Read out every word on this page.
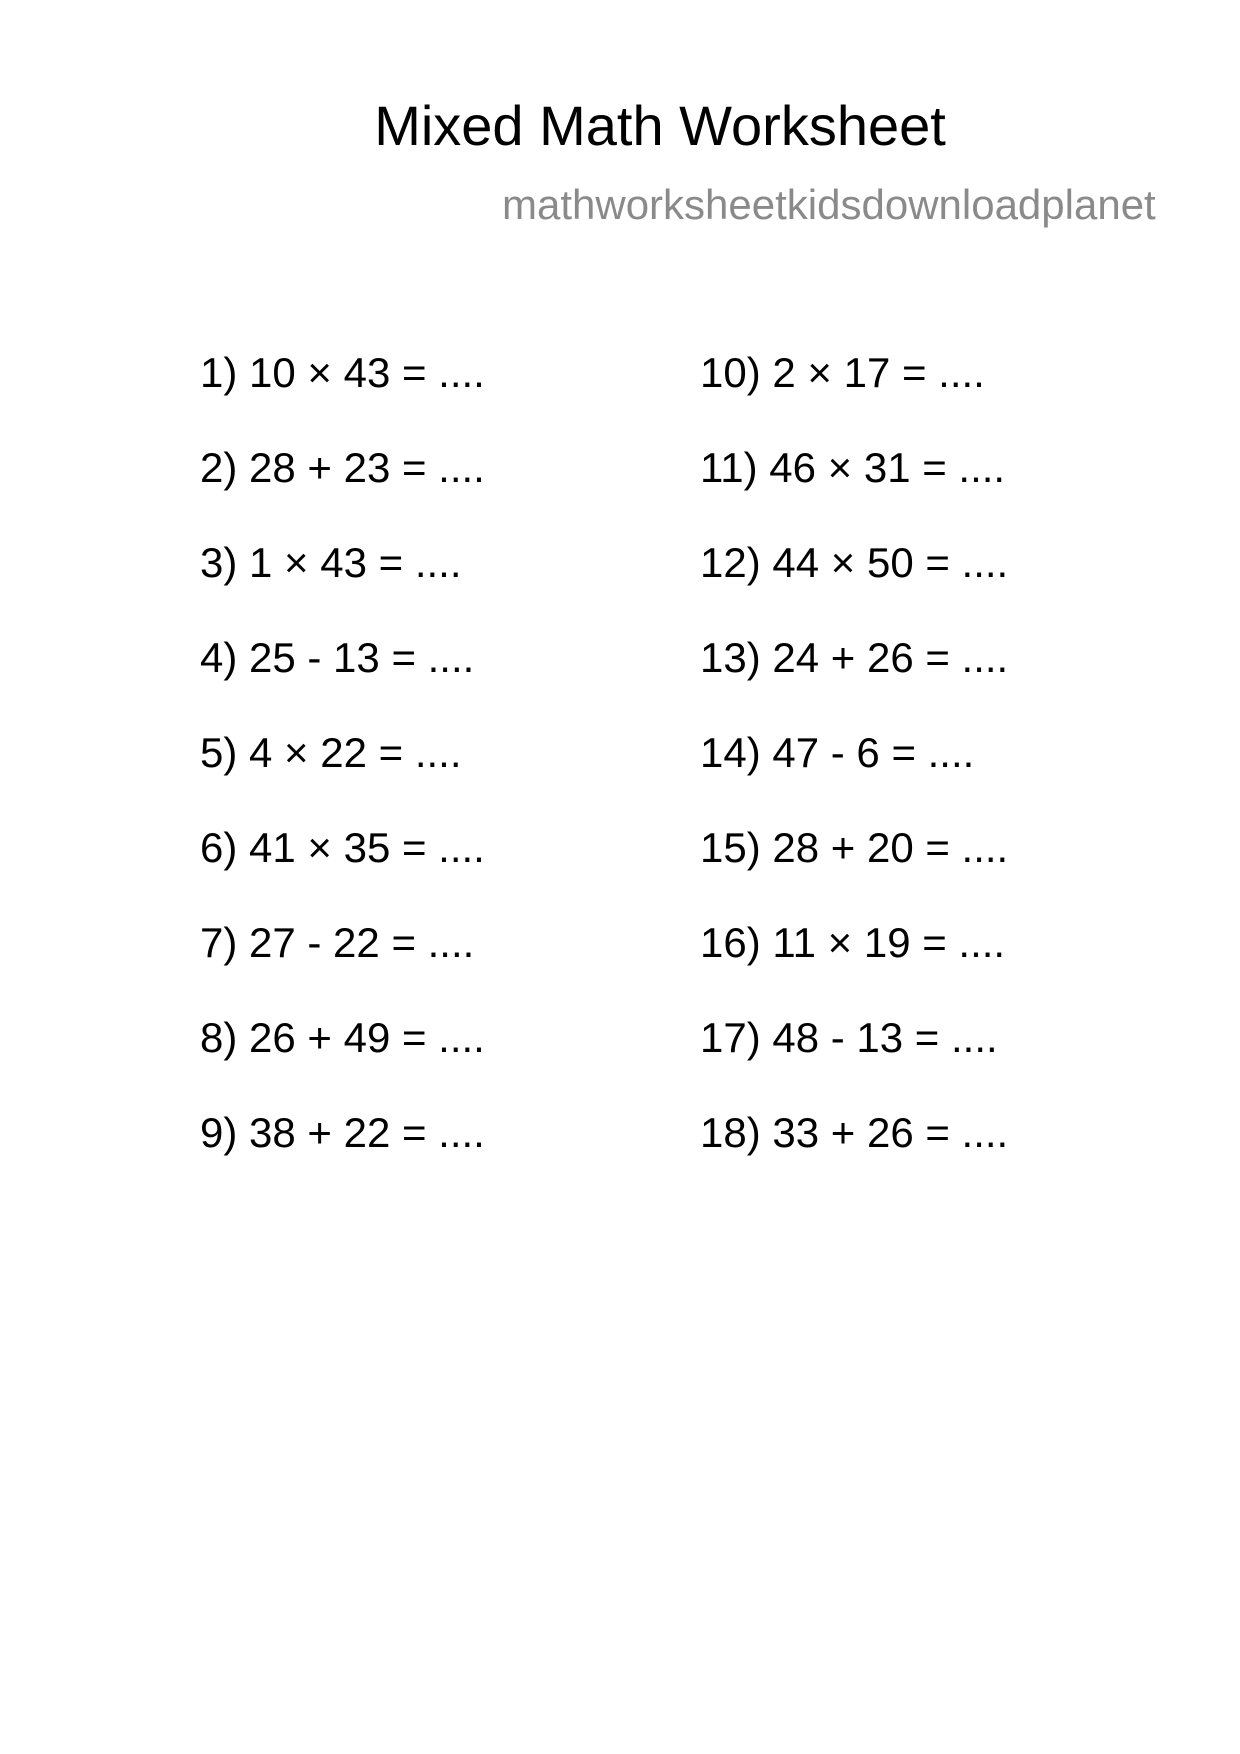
Mixed Math Worksheet
mathworksheetkidsdownloadplanet
1) 10 × 43 = ....
2) 28 + 23 = ....
3) 1 × 43 = ....
4) 25 - 13 = ....
5) 4 × 22 = ....
6) 41 × 35 = ....
7) 27 - 22 = ....
8) 26 + 49 = ....
9) 38 + 22 = ....
10) 2 × 17 = ....
11) 46 × 31 = ....
12) 44 × 50 = ....
13) 24 + 26 = ....
14) 47 - 6 = ....
15) 28 + 20 = ....
16) 11 × 19 = ....
17) 48 - 13 = ....
18) 33 + 26 = ....
